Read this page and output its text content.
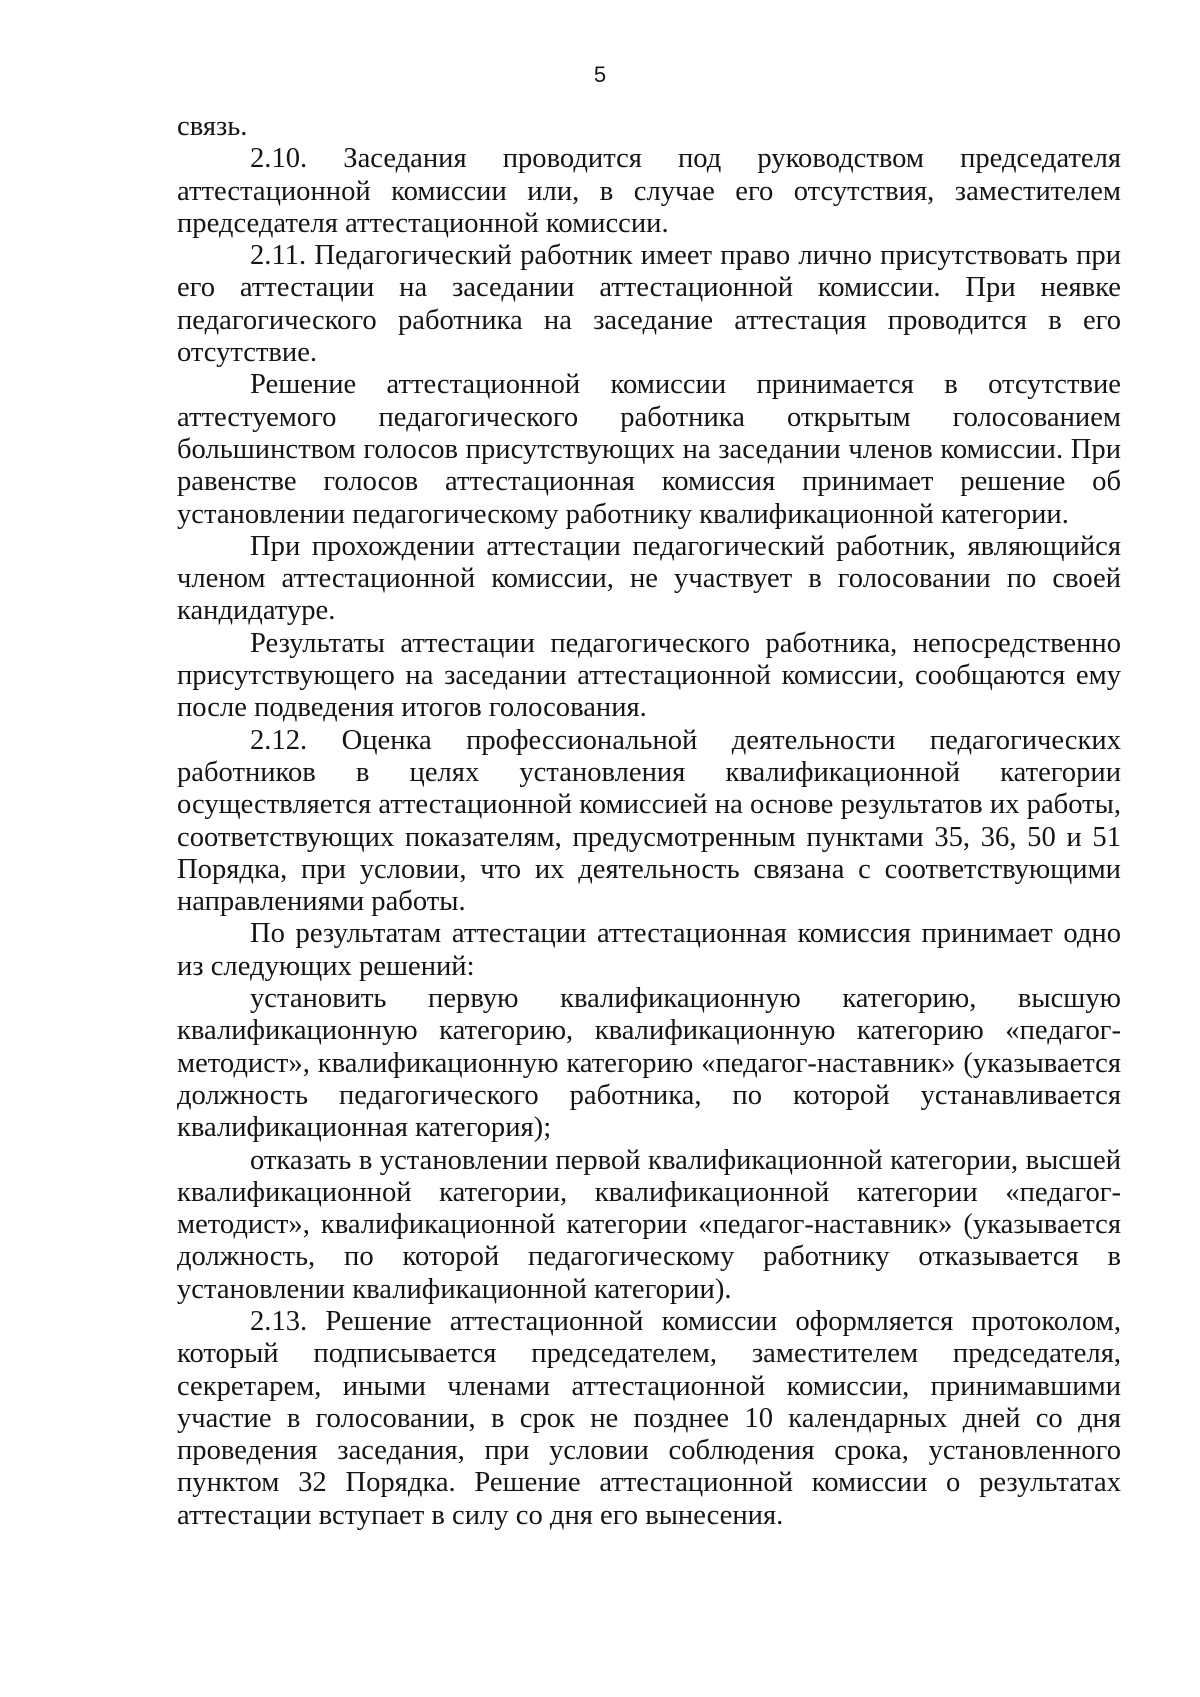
5

связь.

2.10. Заседания проводится под руководством председателя аттестационной комиссии или, в случае его отсутствия, заместителем председателя аттестационной комиссии.

2.11. Педагогический работник имеет право лично присутствовать при его аттестации на заседании аттестационной комиссии. При неявке педагогического работника на заседание аттестация проводится в его отсутствие.

Решение аттестационной комиссии принимается в отсутствие аттестуемого педагогического работника открытым голосованием большинством голосов присутствующих на заседании членов комиссии. При равенстве голосов аттестационная комиссия принимает решение об установлении педагогическому работнику квалификационной категории.

При прохождении аттестации педагогический работник, являющийся членом аттестационной комиссии, не участвует в голосовании по своей кандидатуре.

Результаты аттестации педагогического работника, непосредственно присутствующего на заседании аттестационной комиссии, сообщаются ему после подведения итогов голосования.

2.12. Оценка профессиональной деятельности педагогических работников в целях установления квалификационной категории осуществляется аттестационной комиссией на основе результатов их работы, соответствующих показателям, предусмотренным пунктами 35, 36, 50 и 51 Порядка, при условии, что их деятельность связана с соответствующими направлениями работы.

По результатам аттестации аттестационная комиссия принимает одно из следующих решений:

установить первую квалификационную категорию, высшую квалификационную категорию, квалификационную категорию «педагог-методист», квалификационную категорию «педагог-наставник» (указывается должность педагогического работника, по которой устанавливается квалификационная категория);

отказать в установлении первой квалификационной категории, высшей квалификационной категории, квалификационной категории «педагог-методист», квалификационной категории «педагог-наставник» (указывается должность, по которой педагогическому работнику отказывается в установлении квалификационной категории).

2.13. Решение аттестационной комиссии оформляется протоколом, который подписывается председателем, заместителем председателя, секретарем, иными членами аттестационной комиссии, принимавшими участие в голосовании, в срок не позднее 10 календарных дней со дня проведения заседания, при условии соблюдения срока, установленного пунктом 32 Порядка. Решение аттестационной комиссии о результатах аттестации вступает в силу со дня его вынесения.
